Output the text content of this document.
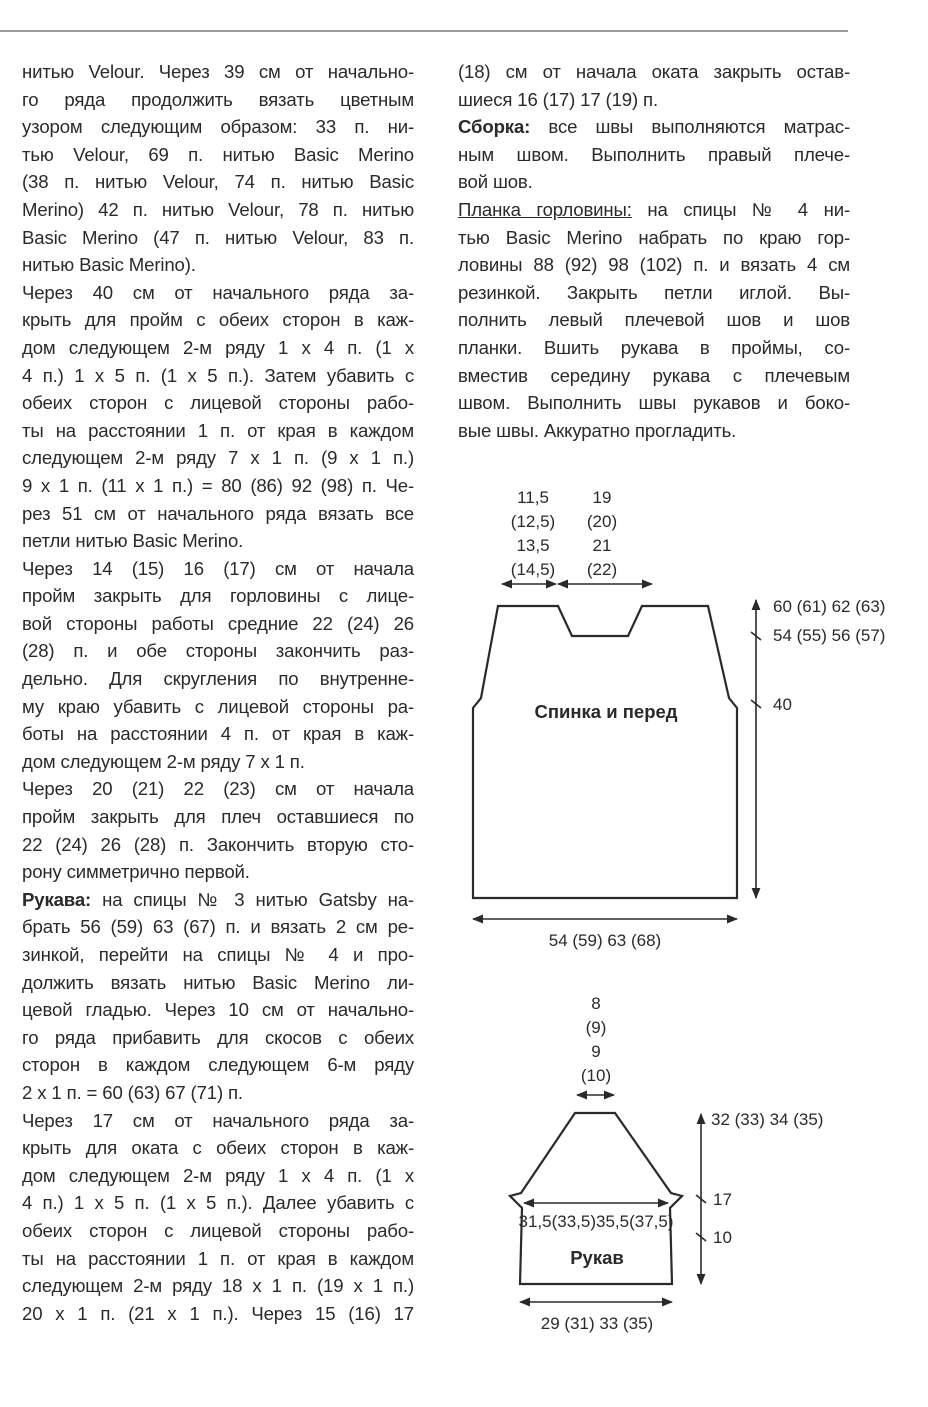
нитью Velour. Через 39 см от начально-
го ряда продолжить вязать цветным
узором следующим образом: 33 п. ни-
тью Velour, 69 п. нитью Basic Merino
(38 п. нитью Velour, 74 п. нитью Basic
Merino) 42 п. нитью Velour, 78 п. нитью
Basic Merino (47 п. нитью Velour, 83 п.
нитью Basic Merino).
Через 40 см от начального ряда за-
крыть для пройм с обеих сторон в каж-
дом следующем 2-м ряду 1 х 4 п. (1 х
4 п.) 1 х 5 п. (1 х 5 п.). Затем убавить с
обеих сторон с лицевой стороны рабо-
ты на расстоянии 1 п. от края в каждом
следующем 2-м ряду 7 х 1 п. (9 х 1 п.)
9 х 1 п. (11 х 1 п.) = 80 (86) 92 (98) п. Че-
рез 51 см от начального ряда вязать все
петли нитью Basic Merino.
Через 14 (15) 16 (17) см от начала
пройм закрыть для горловины с лице-
вой стороны работы средние 22 (24) 26
(28) п. и обе стороны закончить раз-
дельно. Для скругления по внутренне-
му краю убавить с лицевой стороны ра-
боты на расстоянии 4 п. от края в каж-
дом следующем 2-м ряду 7 х 1 п.
Через 20 (21) 22 (23) см от начала
пройм закрыть для плеч оставшиеся по
22 (24) 26 (28) п. Закончить вторую сто-
рону симметрично первой.
Рукава: на спицы № 3 нитью Gatsby на-
брать 56 (59) 63 (67) п. и вязать 2 см ре-
зинкой, перейти на спицы № 4 и про-
должить вязать нитью Basic Merino ли-
цевой гладью. Через 10 см от начально-
го ряда прибавить для скосов с обеих
сторон в каждом следующем 6-м ряду
2 х 1 п. = 60 (63) 67 (71) п.
Через 17 см от начального ряда за-
крыть для оката с обеих сторон в каж-
дом следующем 2-м ряду 1 х 4 п. (1 х
4 п.) 1 х 5 п. (1 х 5 п.). Далее убавить с
обеих сторон с лицевой стороны рабо-
ты на расстоянии 1 п. от края в каждом
следующем 2-м ряду 18 х 1 п. (19 х 1 п.)
20 х 1 п. (21 х 1 п.). Через 15 (16) 17
(18) см от начала оката закрыть остав-
шиеся 16 (17) 17 (19) п.
Сборка: все швы выполняются матрас-
ным швом. Выполнить правый плече-
вой шов.
Планка горловины: на спицы № 4 ни-
тью Basic Merino набрать по краю гор-
ловины 88 (92) 98 (102) п. и вязать 4 см
резинкой. Закрыть петли иглой. Вы-
полнить левый плечевой шов и шов
планки. Вшить рукава в проймы, со-
вместив середину рукава с плечевым
швом. Выполнить швы рукавов и боко-
вые швы. Аккуратно прогладить.
11,5	19
(12,5) (20)
13,5	21
(14,5) (22)
60 (61) 62 (63)
54 (55) 56 (57)
40
Спинка и перед
54 (59) 63 (68)
8
(9)
9
(10)
31,5(33,5)35,5(37,5)
Рукав
32 (33) 34 (35)
17
10
29 (31) 33 (35)
